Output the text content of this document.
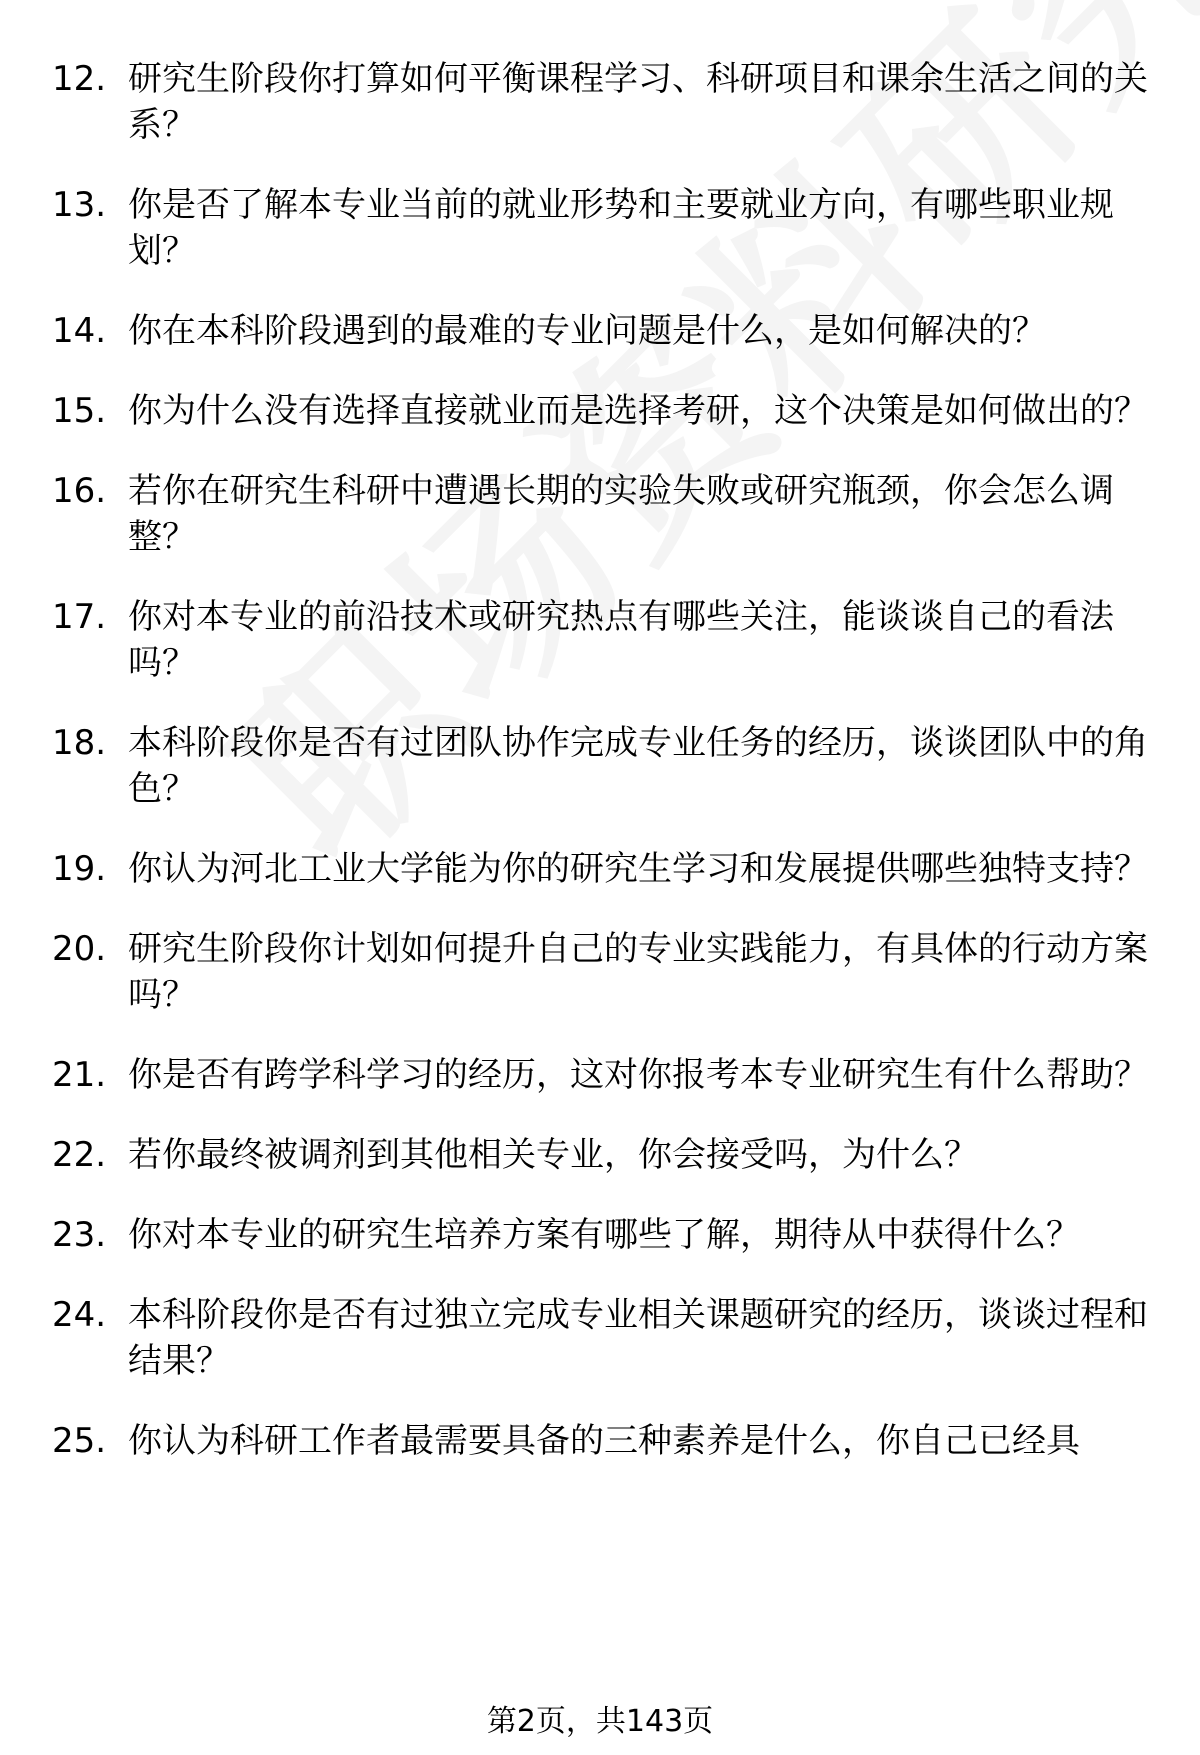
12. 研究生阶段你打算如何平衡课程学习、科研项目和课余生活之间的关系？
13. 你是否了解本专业当前的就业形势和主要就业方向，有哪些职业规划？
14. 你在本科阶段遇到的最难的专业问题是什么，是如何解决的？
15. 你为什么没有选择直接就业而是选择考研，这个决策是如何做出的？
16. 若你在研究生科研中遭遇长期的实验失败或研究瓶颈，你会怎么调整？
17. 你对本专业的前沿技术或研究热点有哪些关注，能谈谈自己的看法吗？
18. 本科阶段你是否有过团队协作完成专业任务的经历，谈谈团队中的角色？
19. 你认为河北工业大学能为你的研究生学习和发展提供哪些独特支持？
20. 研究生阶段你计划如何提升自己的专业实践能力，有具体的行动方案吗？
21. 你是否有跨学科学习的经历，这对你报考本专业研究生有什么帮助？
22. 若你最终被调剂到其他相关专业，你会接受吗，为什么？
23. 你对本专业的研究生培养方案有哪些了解，期待从中获得什么？
24. 本科阶段你是否有过独立完成专业相关课题研究的经历，谈谈过程和结果？
25. 你认为科研工作者最需要具备的三种素养是什么，你自己已经具
第2页，共143页
